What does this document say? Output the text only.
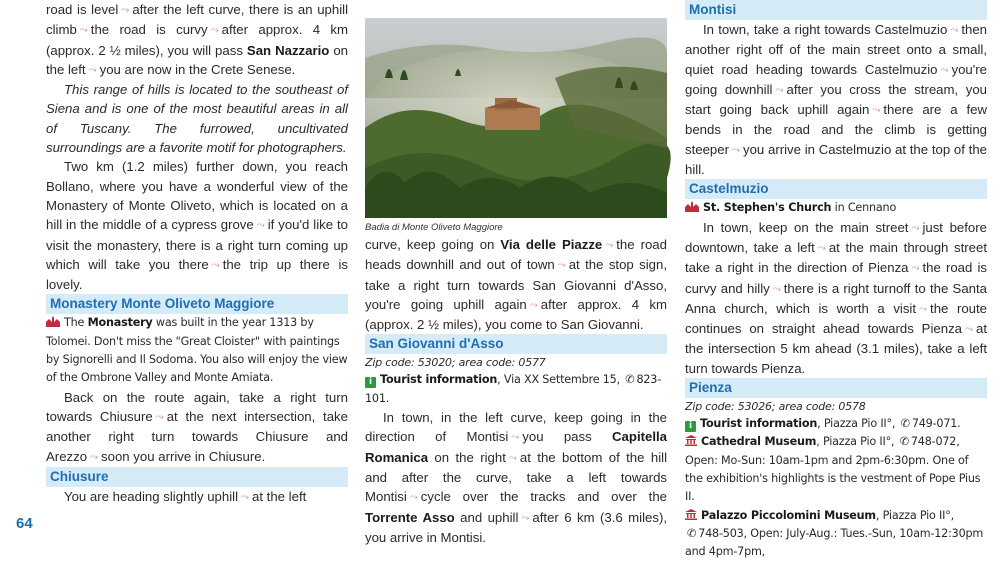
road is level ⤳ after the left curve, there is an uphill climb ⤳ the road is curvy ⤳ after approx. 4 km (approx. 2 ½ miles), you will pass San Nazzario on the left ⤳ you are now in the Crete Senese.

This range of hills is located to the southeast of Siena and is one of the most beautiful areas in all of Tuscany. The furrowed, uncultivated surroundings are a favorite motif for photographers.

Two km (1.2 miles) further down, you reach Bollano, where you have a wonderful view of the Monastery of Monte Oliveto, which is located on a hill in the middle of a cypress grove ⤳ if you'd like to visit the monastery, there is a right turn coming up which will take you there ⤳ the trip up there is lovely.

Monastery Monte Oliveto Maggiore

The Monastery was built in the year 1313 by Tolomei. Don't miss the "Great Cloister" with paintings by Signorelli and Il Sodoma. You also will enjoy the view of the Ombrone Valley and Monte Amiata.

Back on the route again, take a right turn towards Chiusure ⤳ at the next intersection, take another right turn towards Chiusure and Arezzo ⤳ soon you arrive in Chiusure.

Chiusure

You are heading slightly uphill ⤳ at the left

Badia di Monte Oliveto Maggiore

curve, keep going on Via delle Piazze ⤳ the road heads downhill and out of town ⤳ at the stop sign, take a right turn towards San Giovanni d'Asso, you're going uphill again ⤳ after approx. 4 km (approx. 2 ½ miles), you come to San Giovanni.

San Giovanni d'Asso

Zip code: 53020; area code: 0577

i Tourist information, Via XX Settembre 15, ✆ 823-101.

In town, in the left curve, keep going in the direction of Montisi ⤳ you pass Capitella Romanica on the right ⤳ at the bottom of the hill and after the curve, take a left towards Montisi ⤳ cycle over the tracks and over the Torrente Asso and uphill ⤳ after 6 km (3.6 miles), you arrive in Montisi.

Montisi

In town, take a right towards Castelmuzio ⤳ then another right off of the main street onto a small, quiet road heading towards Castelmuzio ⤳ you're going downhill ⤳ after you cross the stream, you start going back uphill again ⤳ there are a few bends in the road and the climb is getting steeper ⤳ you arrive in Castelmuzio at the top of the hill.

Castelmuzio

St. Stephen's Church in Cennano

In town, keep on the main street ⤳ just before downtown, take a left ⤳ at the main through street take a right in the direction of Pienza ⤳ the road is curvy and hilly ⤳ there is a right turnoff to the Santa Anna church, which is worth a visit ⤳ the route continues on straight ahead towards Pienza ⤳ at the intersection 5 km ahead (3.1 miles), take a left turn towards Pienza.

Pienza

Zip code: 53026; area code: 0578

i Tourist information, Piazza Pio II°, ✆ 749-071.

Cathedral Museum, Piazza Pio II°, ✆ 748-072, Open: Mo-Sun: 10am-1pm and 2pm-6:30pm. One of the exhibition's highlights is the vestment of Pope Pius II.

Palazzo Piccolomini Museum, Piazza Pio II°, ✆ 748-503, Open: July-Aug.: Tues.-Sun, 10am-12:30pm and 4pm-7pm,

64
